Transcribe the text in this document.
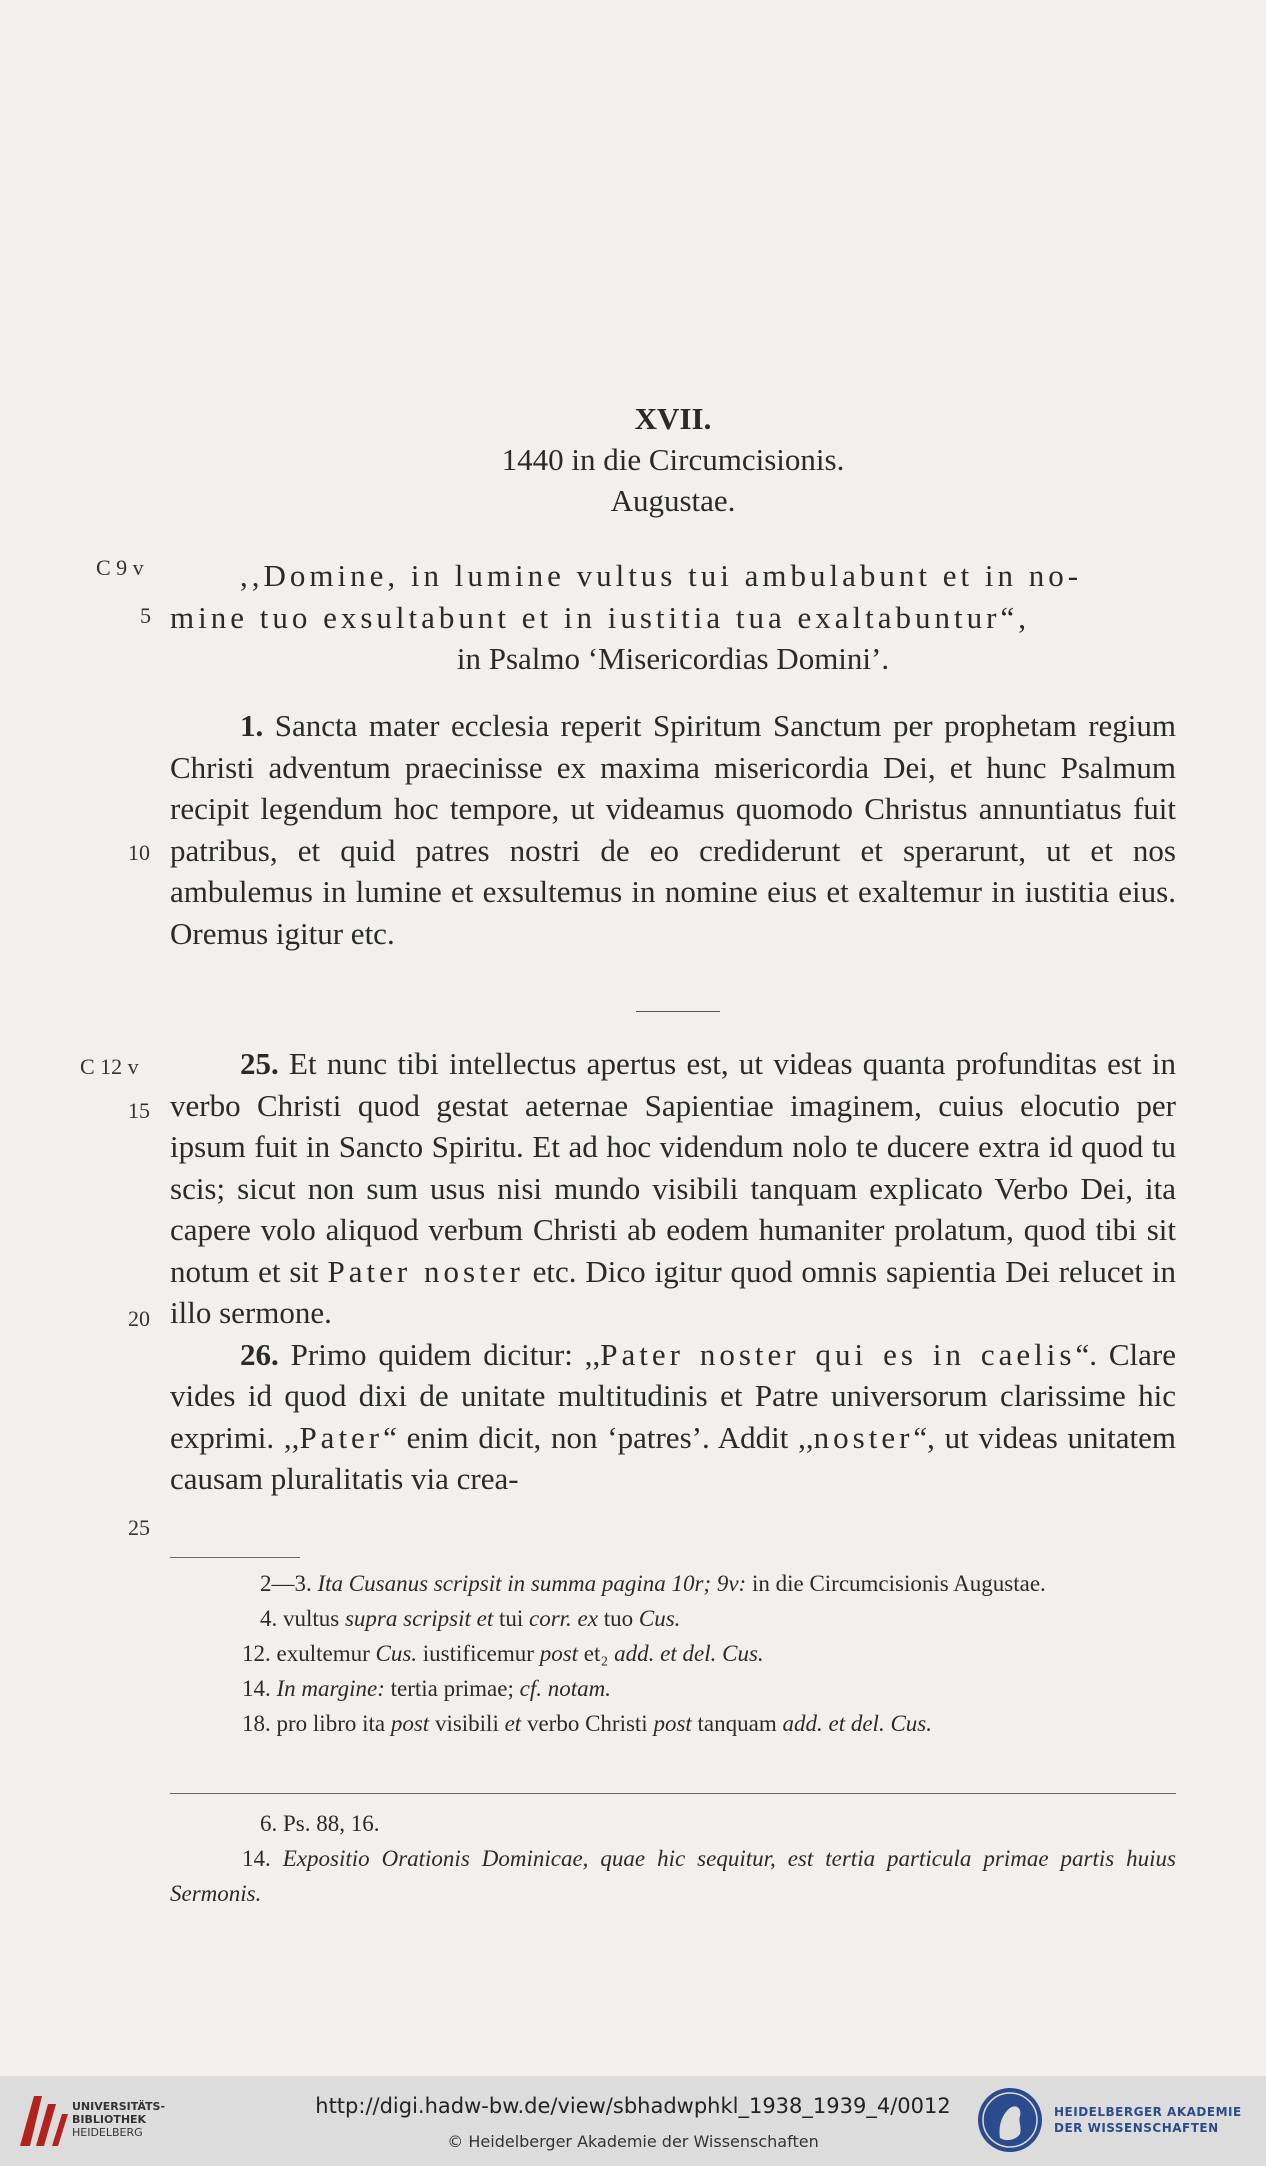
XVII.
1440 in die Circumcisionis.
Augustae.
C 9 v
5
10
C 12 v
15
20
25
,,Domine, in lumine vultus tui ambulabunt et in no-
mine tuo exsultabunt et in iustitia tua exaltabuntur“,
in Psalmo ‘Misericordias Domini’.

1. Sancta mater ecclesia reperit Spiritum Sanctum per prophetam regium Christi adventum praecinisse ex maxima misericordia Dei, et hunc Psalmum recipit legendum hoc tempore, ut videamus quomodo Christus annuntiatus fuit patribus, et quid patres nostri de eo crediderunt et sperarunt, ut et nos ambulemus in lumine et exsultemus in nomine eius et exaltemur in iustitia eius. Oremus igitur etc.

25. Et nunc tibi intellectus apertus est, ut videas quanta profunditas est in verbo Christi quod gestat aeternae Sapientiae imaginem, cuius elocutio per ipsum fuit in Sancto Spiritu. Et ad hoc videndum nolo te ducere extra id quod tu scis; sicut non sum usus nisi mundo visibili tanquam explicato Verbo Dei, ita capere volo aliquod verbum Christi ab eodem humaniter prolatum, quod tibi sit notum et sit Pater noster etc. Dico igitur quod omnis sapientia Dei relucet in illo sermone.

26. Primo quidem dicitur: ,,Pater noster qui es in caelis“. Clare vides id quod dixi de unitate multitudinis et Patre universorum clarissime hic exprimi. ,,Pater“ enim dicit, non ‘patres’. Addit ,,noster“, ut videas unitatem causam pluralitatis via crea-

2—3. Ita Cusanus scripsit in summa pagina 10r; 9v: in die Circumcisionis Augustae.

4. vultus supra scripsit et tui corr. ex tuo Cus.

12. exultemur Cus. iustificemur post et₂ add. et del. Cus.

14. In margine: tertia primae; cf. notam.

18. pro libro ita post visibili et verbo Christi post tanquam add. et del. Cus.

6. Ps. 88, 16.

14. Expositio Orationis Dominicae, quae hic sequitur, est tertia particula primae partis huius Sermonis.

UNIVERSITÄTS-
BIBLIOTHEK
HEIDELBERG
http://digi.hadw-bw.de/view/sbhadwphkl_1938_1939_4/0012
© Heidelberger Akademie der Wissenschaften
HEIDELBERGER AKADEMIE
DER WISSENSCHAFTEN
